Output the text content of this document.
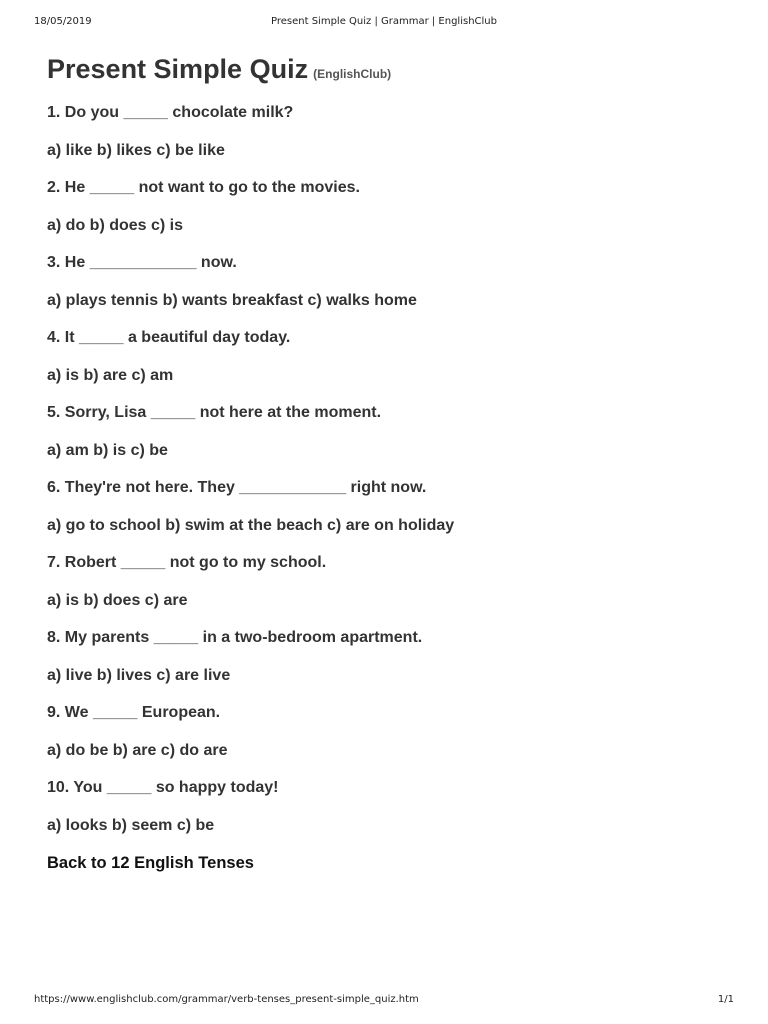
18/05/2019	Present Simple Quiz | Grammar | EnglishClub
Present Simple Quiz (EnglishClub)
1. Do you _____ chocolate milk?
a) like b) likes c) be like
2. He _____ not want to go to the movies.
a) do b) does c) is
3. He ____________ now.
a) plays tennis b) wants breakfast c) walks home
4. It _____ a beautiful day today.
a) is b) are c) am
5. Sorry, Lisa _____ not here at the moment.
a) am b) is c) be
6. They're not here. They ____________ right now.
a) go to school b) swim at the beach c) are on holiday
7. Robert _____ not go to my school.
a) is b) does c) are
8. My parents _____ in a two-bedroom apartment.
a) live b) lives c) are live
9. We _____ European.
a) do be b) are c) do are
10. You _____ so happy today!
a) looks b) seem c) be
Back to 12 English Tenses
https://www.englishclub.com/grammar/verb-tenses_present-simple_quiz.htm	1/1
